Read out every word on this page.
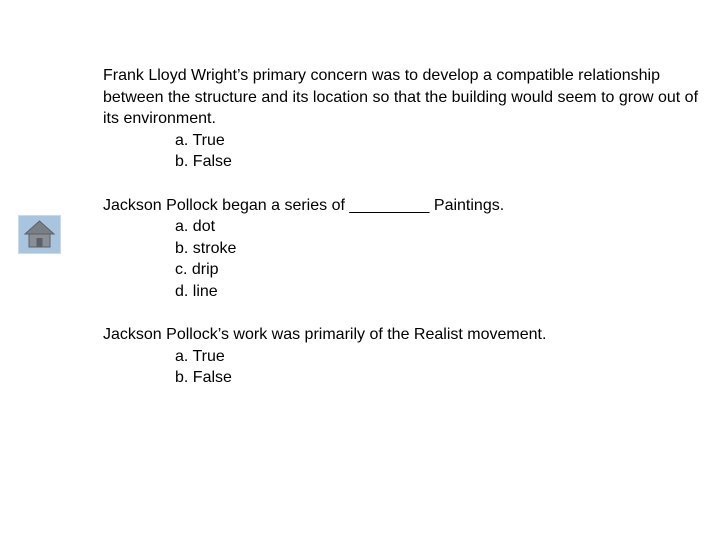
Frank Lloyd Wright’s primary concern was to develop a compatible relationship between the structure and its location so that the building would seem to grow out of its environment.
a. True
b. False
Jackson Pollock began a series of _________ Paintings.
a. dot
b. stroke
c. drip
d. line
Jackson Pollock’s work was primarily of the Realist movement.
a. True
b. False
